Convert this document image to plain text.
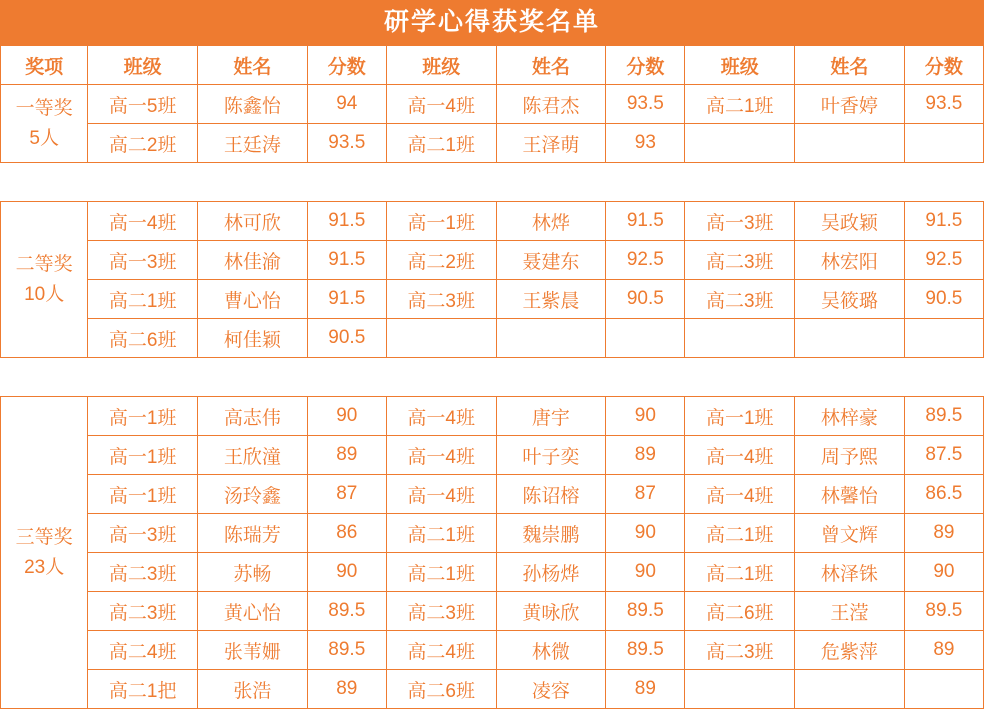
研学心得获奖名单
奖项	班级	姓名	分数	班级	姓名	分数	班级	姓名	分数

一等奖
5人	高一5班	陈鑫怡	94	高一4班	陈君杰	93.5	高二1班	叶香婷	93.5
	高二2班	王廷涛	93.5	高二1班	王泽萌	93			

二等奖
10人	高一4班	林可欣	91.5	高一1班	林烨	91.5	高一3班	吴政颖	91.5
	高一3班	林佳渝	91.5	高二2班	聂建东	92.5	高二3班	林宏阳	92.5
	高二1班	曹心怡	91.5	高二3班	王紫晨	90.5	高二3班	吴筱璐	90.5
	高二6班	柯佳颖	90.5						

三等奖
23人	高一1班	高志伟	90	高一4班	唐宇	90	高一1班	林梓豪	89.5
	高一1班	王欣潼	89	高一4班	叶子奕	89	高一4班	周予熙	87.5
	高一1班	汤玲鑫	87	高一4班	陈诏榕	87	高一4班	林馨怡	86.5
	高一3班	陈瑞芳	86	高二1班	魏崇鹏	90	高二1班	曾文辉	89
	高二3班	苏畅	90	高二1班	孙杨烨	90	高二1班	林泽铢	90
	高二3班	黄心怡	89.5	高二3班	黄咏欣	89.5	高二6班	王滢	89.5
	高二4班	张苇姗	89.5	高二4班	林微	89.5	高二3班	危紫萍	89
	高二1把	张浩	89	高二6班	凌容	89			
